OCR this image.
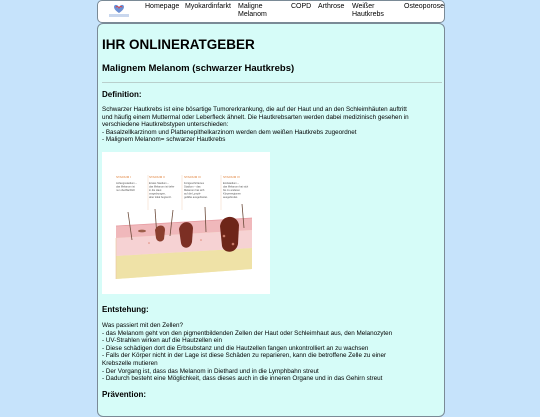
Homepage Myokardinfarkt Maligne Melanom
COPD Arthrose Weißer Hautkrebs
Osteoporose
IHR ONLINERATGEBER
Malignem Melanom (schwarzer Hautkrebs)
Definition:
Schwarzer Hautkrebs ist eine bösartige Tumorerkrankung, die auf der Haut und an den Schleimhäuten auftritt
und häufig einem Muttermal oder Leberfleck ähnelt. Die Hautkrebsarten werden dabei medizinisch gesehen in
verschiedene Hautkrebstypen unterschieden:
- Basalzellkarzinom und Plattenepithelkarzinom werden dem weißen Hautkrebs zugeordnet
- Malignem Melanom= schwarzer Hautkrebs
STADIUM I	STADIUM II	STADIUM III	STADIUM IV
Anfangsstadium –
das Melanom ist
nur oberflächlich
Erstes Stadium –
das Melanom ist tiefer
in die Haut
vorgedrungen,
aber lokal begrenzt.
Fortgeschrittenes
Stadium – das
Melanom hat sich
auf die Lymph-
gefäße ausgebreitet.
Endstadium –
das Melanom hat sich
bis zu anderen
Körperregionen
ausgebreitet.
Entstehung:
Was passiert mit den Zellen?
- das Melanom geht von den pigmentbildenden Zellen der Haut oder Schleimhaut aus, den Melanozyten
- UV-Strahlen wirken auf die Hautzellen ein
- Diese schädigen dort die Erbsubstanz und die Hautzellen fangen unkontrolliert an zu wachsen
- Falls der Körper nicht in der Lage ist diese Schäden zu reparieren, kann die betroffene Zelle zu einer
Krebszelle mutieren
- Der Vorgang ist, dass das Melanom in Diethard und in die Lymphbahn streut
- Dadurch besteht eine Möglichkeit, dass dieses auch in die inneren Organe und in das Gehirn streut
Prävention:
